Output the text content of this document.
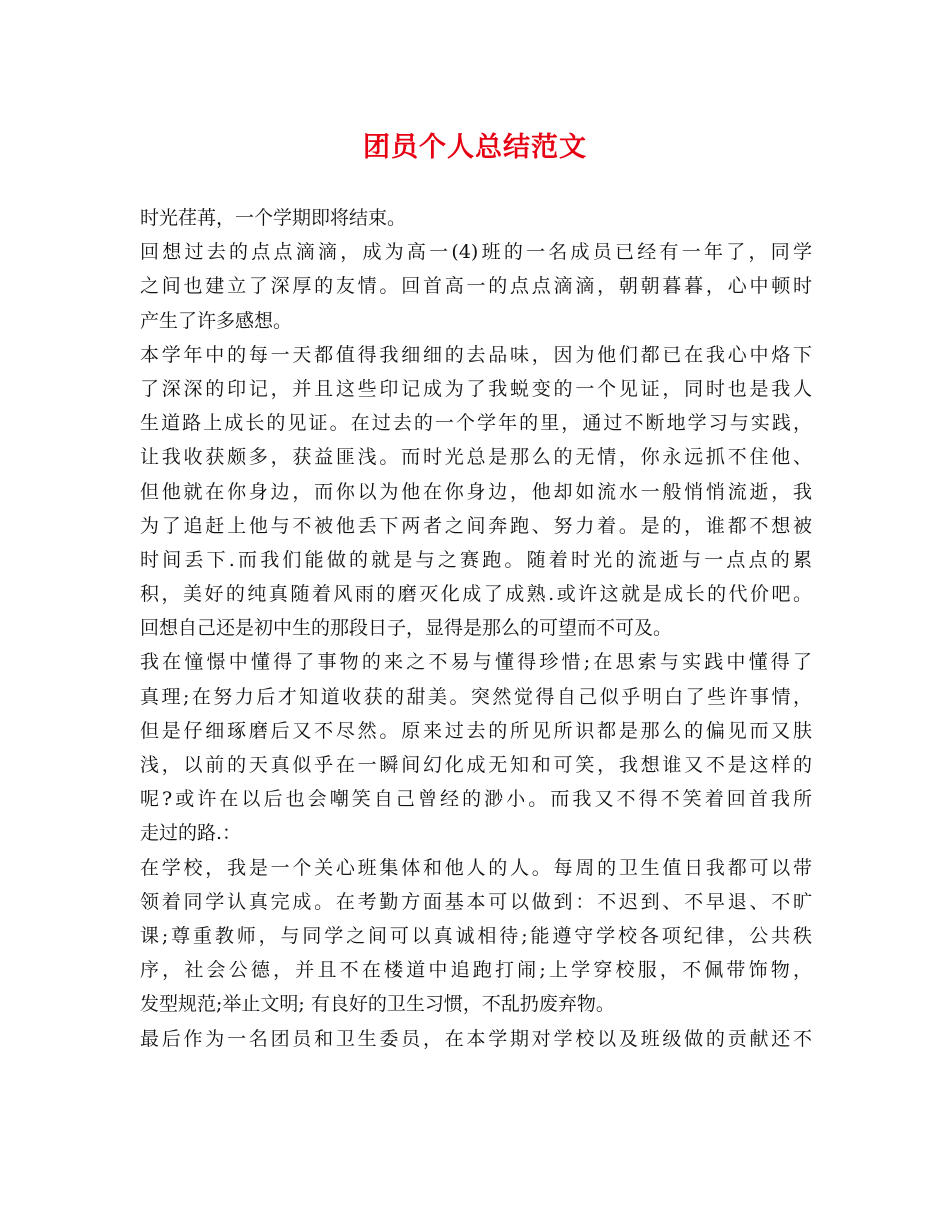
团员个人总结范文
时光荏苒，一个学期即将结束。
回想过去的点点滴滴，成为高一(4)班的一名成员已经有一年了，同学
之间也建立了深厚的友情。回首高一的点点滴滴，朝朝暮暮，心中顿时
产生了许多感想。
本学年中的每一天都值得我细细的去品味，因为他们都已在我心中烙下
了深深的印记，并且这些印记成为了我蜕变的一个见证，同时也是我人
生道路上成长的见证。在过去的一个学年的里，通过不断地学习与实践，
让我收获颇多，获益匪浅。而时光总是那么的无情，你永远抓不住他、
但他就在你身边，而你以为他在你身边，他却如流水一般悄悄流逝，我
为了追赶上他与不被他丢下两者之间奔跑、努力着。是的，谁都不想被
时间丢下.而我们能做的就是与之赛跑。随着时光的流逝与一点点的累
积，美好的纯真随着风雨的磨灭化成了成熟.或许这就是成长的代价吧。
回想自己还是初中生的那段日子，显得是那么的可望而不可及。
我在憧憬中懂得了事物的来之不易与懂得珍惜;在思索与实践中懂得了
真理;在努力后才知道收获的甜美。突然觉得自己似乎明白了些许事情，
但是仔细琢磨后又不尽然。原来过去的所见所识都是那么的偏见而又肤
浅，以前的天真似乎在一瞬间幻化成无知和可笑，我想谁又不是这样的
呢?或许在以后也会嘲笑自己曾经的渺小。而我又不得不笑着回首我所
走过的路.：
在学校，我是一个关心班集体和他人的人。每周的卫生值日我都可以带
领着同学认真完成。在考勤方面基本可以做到：不迟到、不早退、不旷
课;尊重教师，与同学之间可以真诚相待;能遵守学校各项纪律，公共秩
序，社会公德，并且不在楼道中追跑打闹;上学穿校服，不佩带饰物，
发型规范;举止文明; 有良好的卫生习惯，不乱扔废弃物。
最后作为一名团员和卫生委员，在本学期对学校以及班级做的贡献还不
